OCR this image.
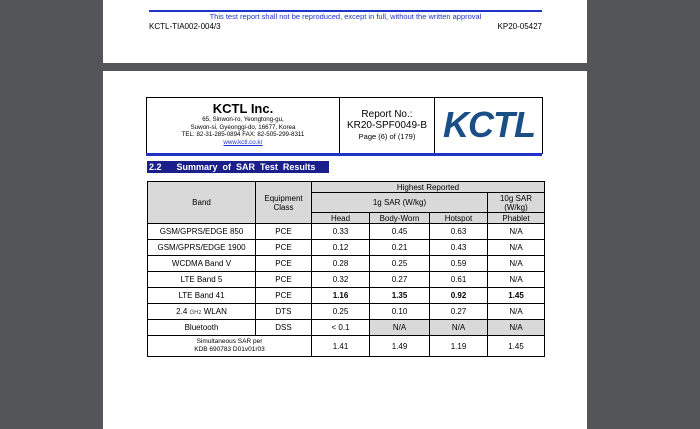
This test report shall not be reproduced, except in full, without the written approval
KCTL-TIA002-004/3	KP20-05427
KCTL Inc.
65, Sinwon-ro, Yeongtong-gu,
Suwon-si, Gyeonggi-do, 16677, Korea
TEL: 82-31-285-0894 FAX: 82-505-299-8311
www.kctl.co.kr
Report No.:
KR20-SPF0049-B
Page (6) of (179) KCTL
2.2      Summary  of  SAR  Test  Results
Band	Equipment Class	Highest Reported			
		1g SAR (W/kg)			10g SAR (W/kg)
		Head	Body-Worn	Hotspot	Phablet
GSM/GPRS/EDGE 850	PCE	0.33	0.45	0.63	N/A
GSM/GPRS/EDGE 1900	PCE	0.12	0.21	0.43	N/A
WCDMA Band V	PCE	0.28	0.25	0.59	N/A
LTE Band 5	PCE	0.32	0.27	0.61	N/A
LTE Band 41	PCE	1.16	1.35	0.92	1.45
2.4 GHz WLAN	DTS	0.25	0.10	0.27	N/A
Bluetooth	DSS	< 0.1	N/A	N/A	N/A

Simultaneous SAR per
KDB 690783 D01v01r03		1.41	1.49	1.19	1.45
